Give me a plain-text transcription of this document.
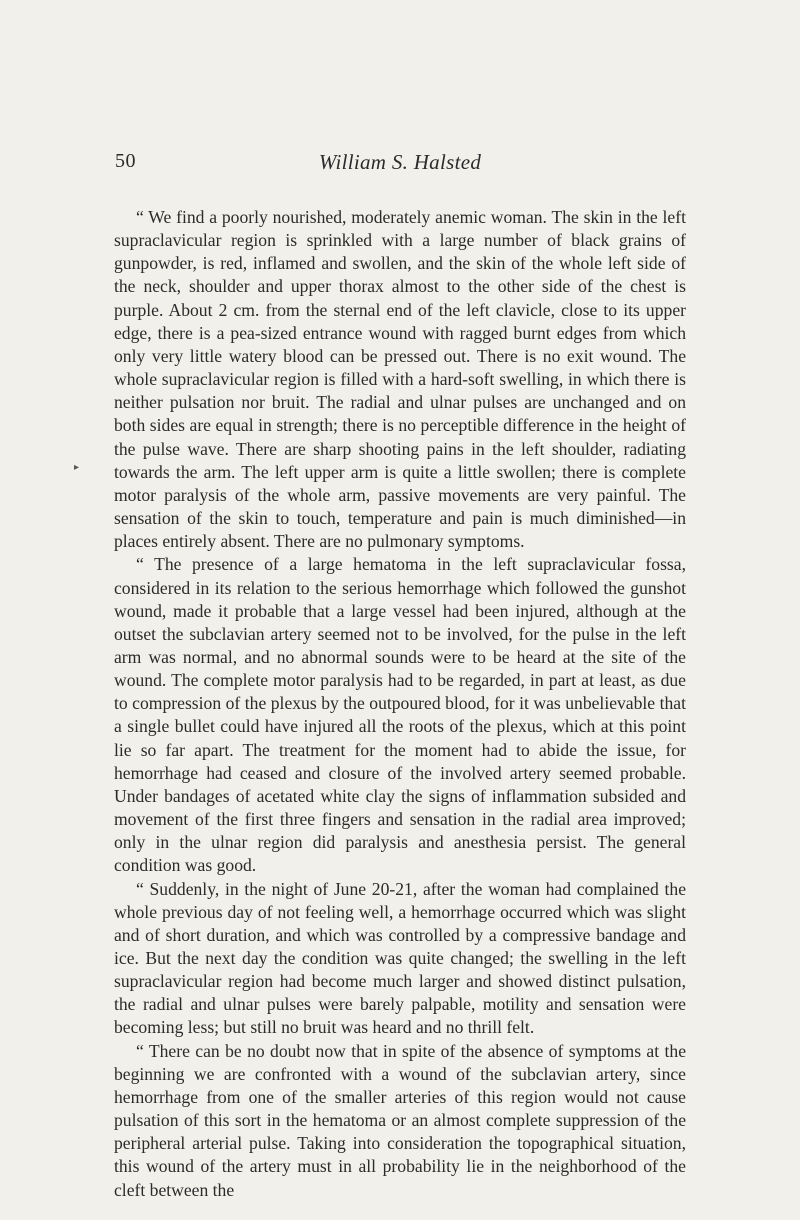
50	William S. Halsted
▸

“ We find a poorly nourished, moderately anemic woman. The skin in the left supraclavicular region is sprinkled with a large number of black grains of gunpowder, is red, inflamed and swollen, and the skin of the whole left side of the neck, shoulder and upper thorax almost to the other side of the chest is purple. About 2 cm. from the sternal end of the left clavicle, close to its upper edge, there is a pea-sized entrance wound with ragged burnt edges from which only very little watery blood can be pressed out. There is no exit wound. The whole supraclavicular region is filled with a hard-soft swelling, in which there is neither pulsation nor bruit. The radial and ulnar pulses are unchanged and on both sides are equal in strength; there is no perceptible difference in the height of the pulse wave. There are sharp shooting pains in the left shoulder, radiating towards the arm. The left upper arm is quite a little swollen; there is complete motor paralysis of the whole arm, passive movements are very painful. The sensation of the skin to touch, temperature and pain is much diminished—in places entirely absent. There are no pulmonary symptoms.

“ The presence of a large hematoma in the left supraclavicular fossa, considered in its relation to the serious hemorrhage which followed the gunshot wound, made it probable that a large vessel had been injured, although at the outset the subclavian artery seemed not to be involved, for the pulse in the left arm was normal, and no abnormal sounds were to be heard at the site of the wound. The complete motor paralysis had to be regarded, in part at least, as due to compression of the plexus by the outpoured blood, for it was unbelievable that a single bullet could have injured all the roots of the plexus, which at this point lie so far apart. The treatment for the moment had to abide the issue, for hemorrhage had ceased and closure of the involved artery seemed probable. Under bandages of acetated white clay the signs of inflammation subsided and movement of the first three fingers and sensation in the radial area improved; only in the ulnar region did paralysis and anesthesia persist. The general condition was good.

“ Suddenly, in the night of June 20-21, after the woman had complained the whole previous day of not feeling well, a hemorrhage occurred which was slight and of short duration, and which was controlled by a compressive bandage and ice. But the next day the condition was quite changed; the swelling in the left supraclavicular region had become much larger and showed distinct pulsation, the radial and ulnar pulses were barely palpable, motility and sensation were becoming less; but still no bruit was heard and no thrill felt.

“ There can be no doubt now that in spite of the absence of symptoms at the beginning we are confronted with a wound of the subclavian artery, since hemorrhage from one of the smaller arteries of this region would not cause pulsation of this sort in the hematoma or an almost complete suppression of the peripheral arterial pulse. Taking into consideration the topographical situation, this wound of the artery must in all probability lie in the neighborhood of the cleft between the
